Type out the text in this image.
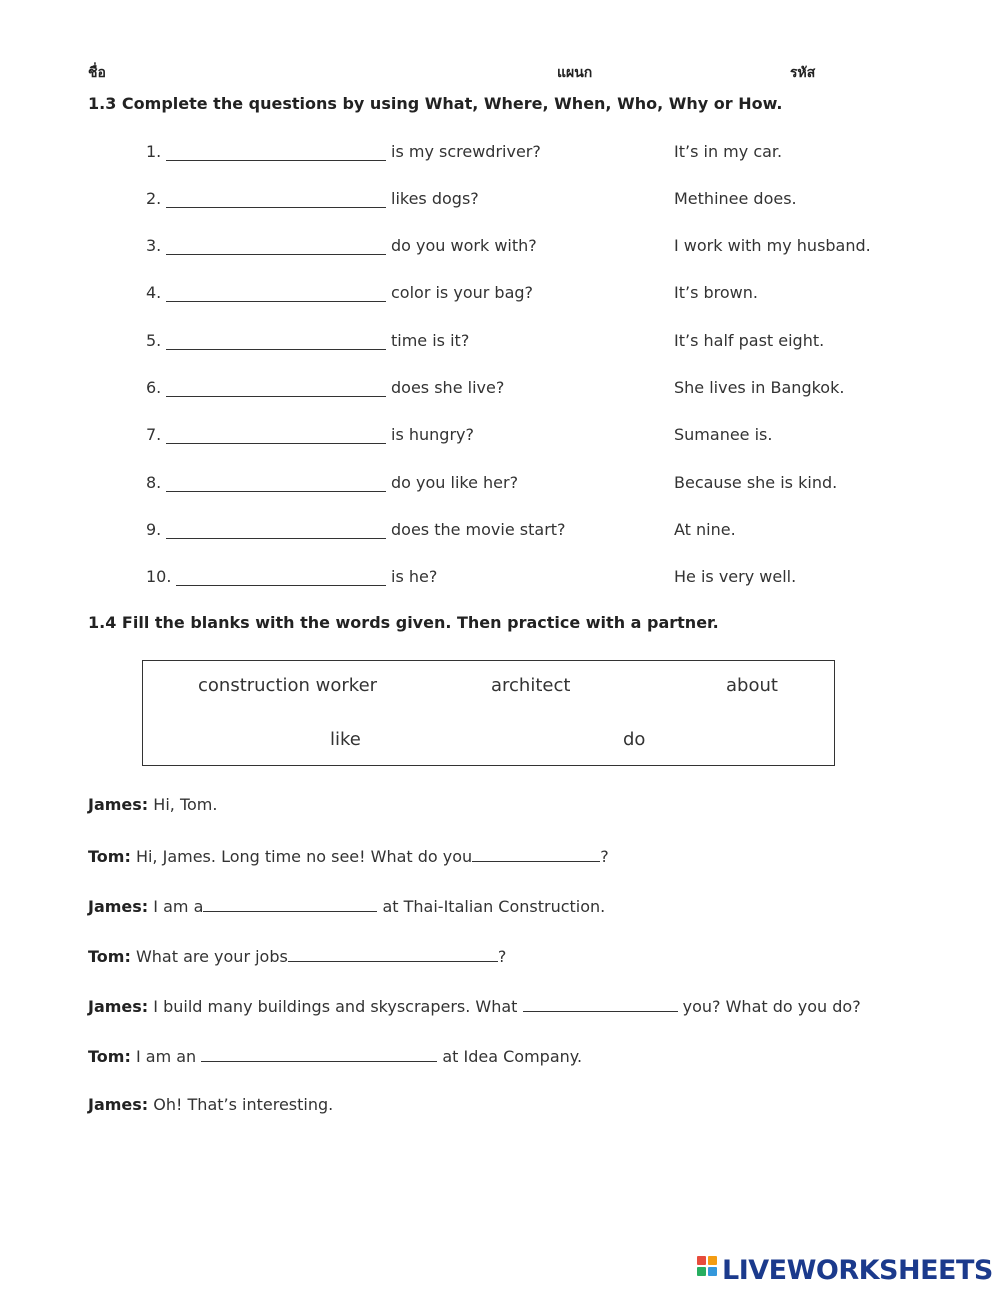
ชื่อ	แผนก	รหัส
1.3 Complete the questions by using What, Where, When, Who, Why or How.
1.	is my screwdriver?	It’s in my car.
2.	likes dogs?	Methinee does.
3.	do you work with?	I work with my husband.
4.	color is your bag?	It’s brown.
5.	time is it?	It’s half past eight.
6.	does she live?	She lives in Bangkok.
7.	is hungry?	Sumanee is.
8.	do you like her?	Because she is kind.
9.	does the movie start?	At nine.
10.	is he?	He is very well.
1.4 Fill the blanks with the words given. Then practice with a partner.
construction worker	architect	about
like	do
James: Hi, Tom.
Tom: Hi, James. Long time no see! What do you	?
James: I am a	at Thai-Italian Construction.
Tom: What are your jobs	?
James: I build many buildings and skyscrapers. What	you? What do you do?
Tom: I am an	at Idea Company.
James: Oh! That’s interesting.
LIVEWORKSHEETS
